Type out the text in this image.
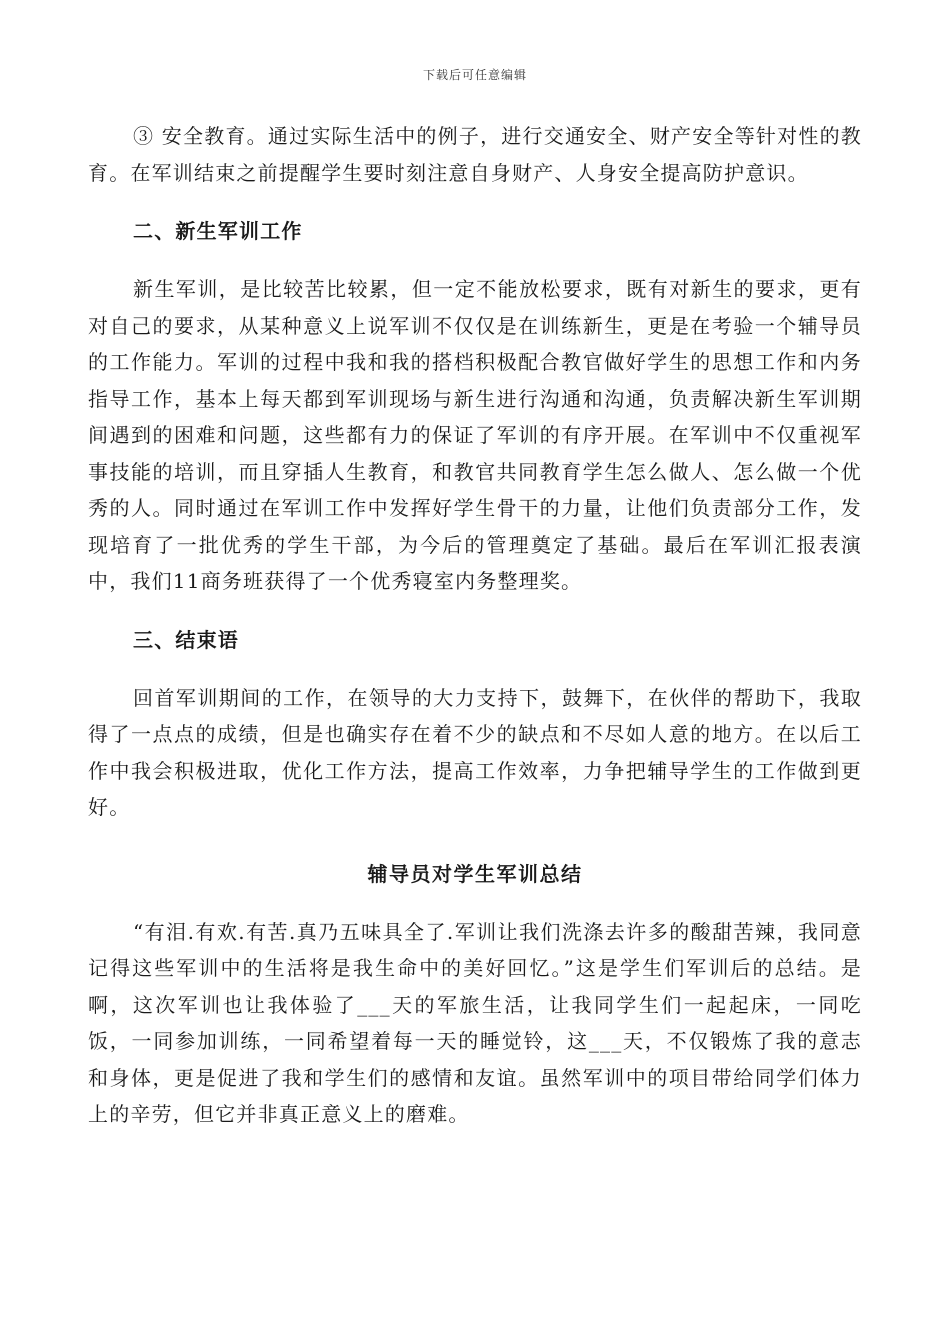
下载后可任意编辑

③ 安全教育。通过实际生活中的例子，进行交通安全、财产安全等针对性的教育。在军训结束之前提醒学生要时刻注意自身财产、人身安全提高防护意识。

二、新生军训工作

新生军训，是比较苦比较累，但一定不能放松要求，既有对新生的要求，更有对自己的要求，从某种意义上说军训不仅仅是在训练新生，更是在考验一个辅导员的工作能力。军训的过程中我和我的搭档积极配合教官做好学生的思想工作和内务指导工作，基本上每天都到军训现场与新生进行沟通和沟通，负责解决新生军训期间遇到的困难和问题，这些都有力的保证了军训的有序开展。在军训中不仅重视军事技能的培训，而且穿插人生教育，和教官共同教育学生怎么做人、怎么做一个优秀的人。同时通过在军训工作中发挥好学生骨干的力量，让他们负责部分工作，发现培育了一批优秀的学生干部，为今后的管理奠定了基础。最后在军训汇报表演中，我们11商务班获得了一个优秀寝室内务整理奖。

三、结束语

回首军训期间的工作，在领导的大力支持下，鼓舞下，在伙伴的帮助下，我取得了一点点的成绩，但是也确实存在着不少的缺点和不尽如人意的地方。在以后工作中我会积极进取，优化工作方法，提高工作效率，力争把辅导学生的工作做到更好。

辅导员对学生军训总结

“有泪.有欢.有苦.真乃五味具全了.军训让我们洗涤去许多的酸甜苦辣，我同意记得这些军训中的生活将是我生命中的美好回忆。”这是学生们军训后的总结。是啊，这次军训也让我体验了___天的军旅生活，让我同学生们一起起床，一同吃饭，一同参加训练，一同希望着每一天的睡觉铃，这___天，不仅锻炼了我的意志和身体，更是促进了我和学生们的感情和友谊。虽然军训中的项目带给同学们体力上的辛劳，但它并非真正意义上的磨难。
